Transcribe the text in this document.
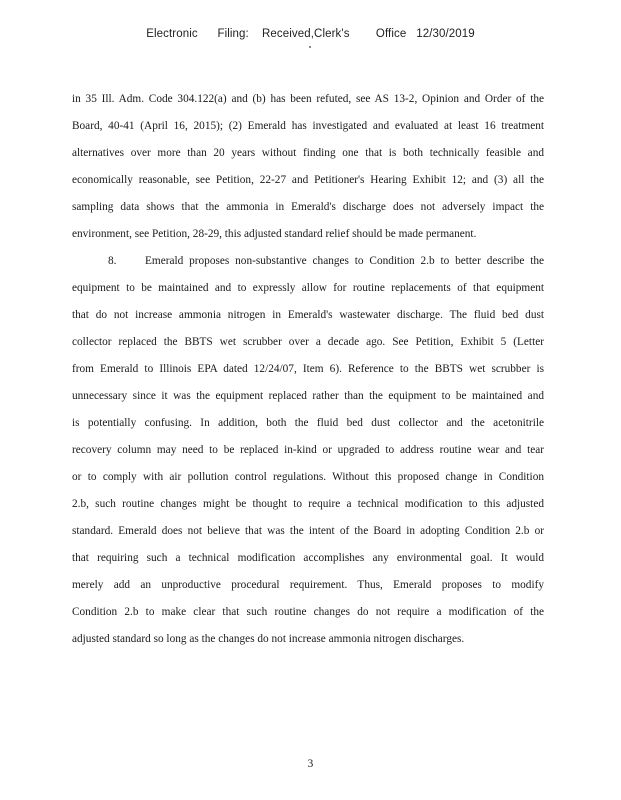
Electronic      Filing:    Received,Clerk's        Office   12/30/2019
in 35 Ill. Adm. Code 304.122(a) and (b) has been refuted, see AS 13-2, Opinion and Order of the
Board, 40-41 (April 16, 2015); (2) Emerald has investigated and evaluated at least 16 treatment
alternatives over more than 20 years without finding one that is both technically feasible and
economically reasonable, see Petition, 22-27 and Petitioner's Hearing Exhibit 12; and (3) all the
sampling data shows that the ammonia in Emerald's discharge does not adversely impact the
environment, see Petition, 28-29, this adjusted standard relief should be made permanent.
8.	Emerald proposes non-substantive changes to Condition 2.b to better describe the
equipment to be maintained and to expressly allow for routine replacements of that equipment
that do not increase ammonia nitrogen in Emerald's wastewater discharge. The fluid bed dust
collector replaced the BBTS wet scrubber over a decade ago. See Petition, Exhibit 5 (Letter
from Emerald to Illinois EPA dated 12/24/07, Item 6). Reference to the BBTS wet scrubber is
unnecessary since it was the equipment replaced rather than the equipment to be maintained and
is potentially confusing. In addition, both the fluid bed dust collector and the acetonitrile
recovery column may need to be replaced in-kind or upgraded to address routine wear and tear
or to comply with air pollution control regulations. Without this proposed change in Condition
2.b, such routine changes might be thought to require a technical modification to this adjusted
standard. Emerald does not believe that was the intent of the Board in adopting Condition 2.b or
that requiring such a technical modification accomplishes any environmental goal. It would
merely add an unproductive procedural requirement. Thus, Emerald proposes to modify
Condition 2.b to make clear that such routine changes do not require a modification of the
adjusted standard so long as the changes do not increase ammonia nitrogen discharges.
3
